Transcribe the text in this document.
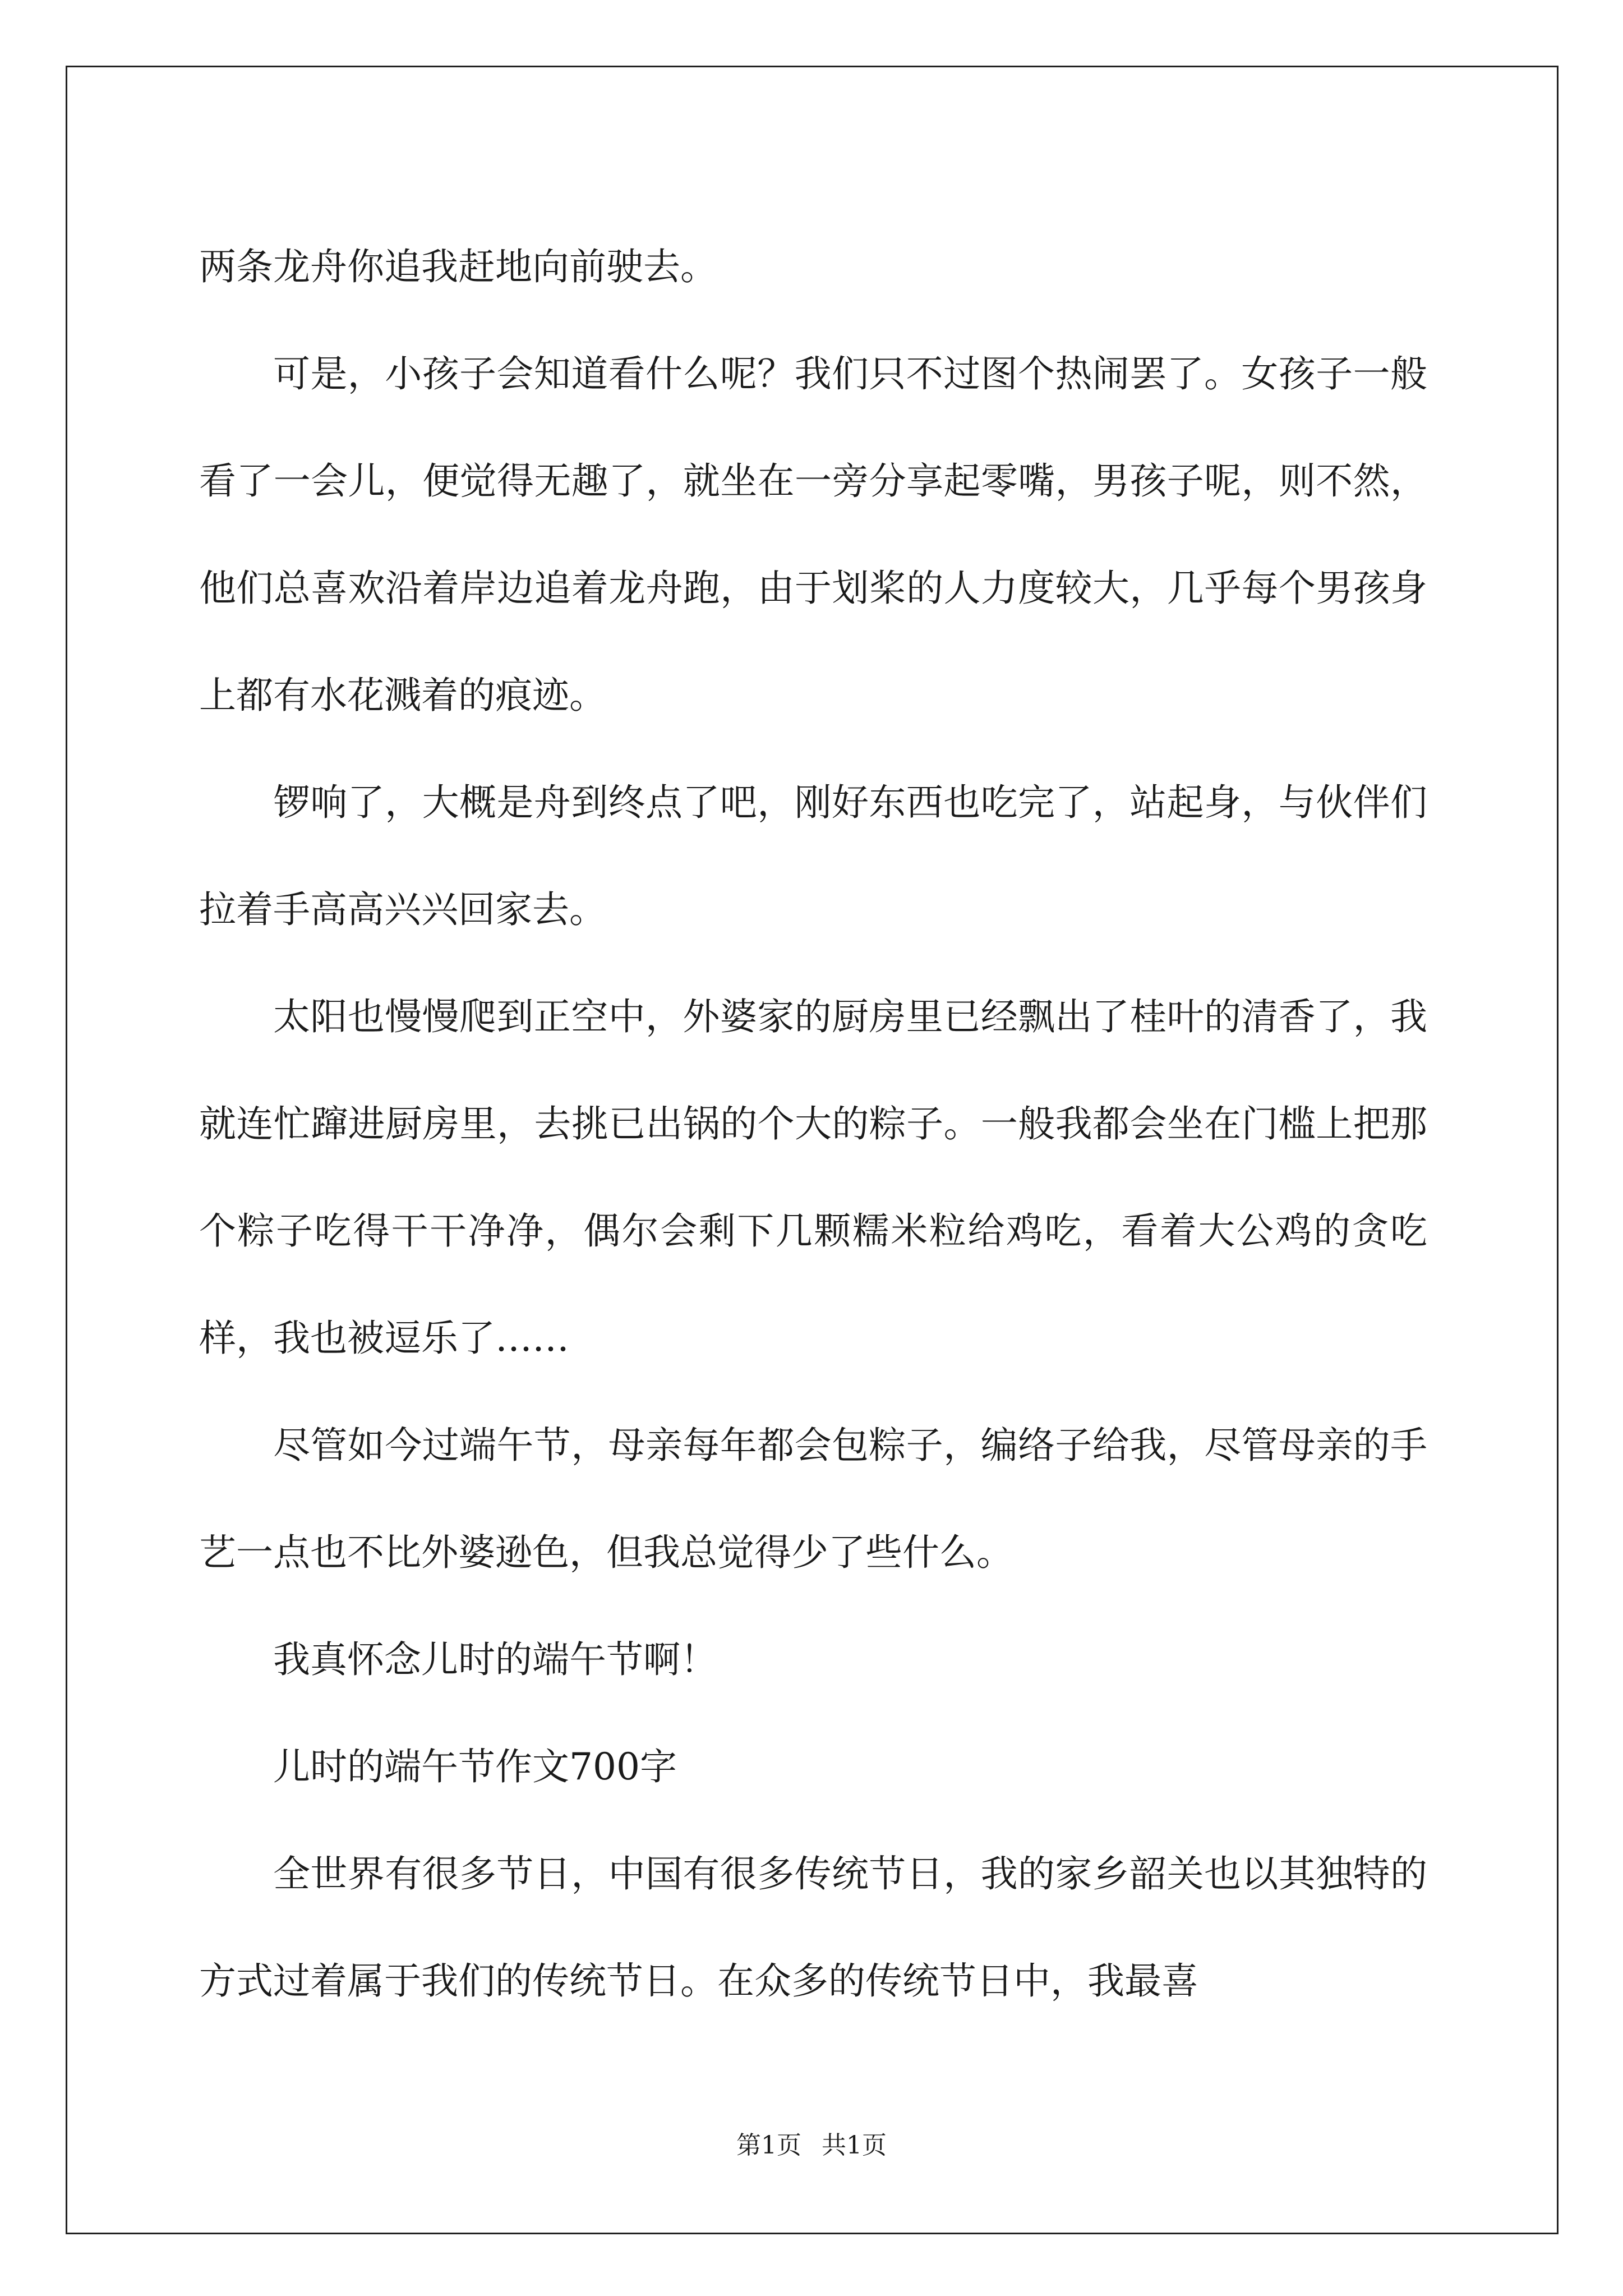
两条龙舟你追我赶地向前驶去。

可是，小孩子会知道看什么呢？我们只不过图个热闹罢了。女孩子一般看了一会儿，便觉得无趣了，就坐在一旁分享起零嘴，男孩子呢，则不然，他们总喜欢沿着岸边追着龙舟跑，由于划桨的人力度较大，几乎每个男孩身上都有水花溅着的痕迹。

锣响了，大概是舟到终点了吧，刚好东西也吃完了，站起身，与伙伴们拉着手高高兴兴回家去。

太阳也慢慢爬到正空中，外婆家的厨房里已经飘出了桂叶的清香了，我就连忙蹿进厨房里，去挑已出锅的个大的粽子。一般我都会坐在门槛上把那个粽子吃得干干净净，偶尔会剩下几颗糯米粒给鸡吃，看着大公鸡的贪吃样，我也被逗乐了……

尽管如今过端午节，母亲每年都会包粽子，编络子给我，尽管母亲的手艺一点也不比外婆逊色，但我总觉得少了些什么。

我真怀念儿时的端午节啊！

儿时的端午节作文700字

全世界有很多节日，中国有很多传统节日，我的家乡韶关也以其独特的方式过着属于我们的传统节日。在众多的传统节日中，我最喜

第1页 共1页
